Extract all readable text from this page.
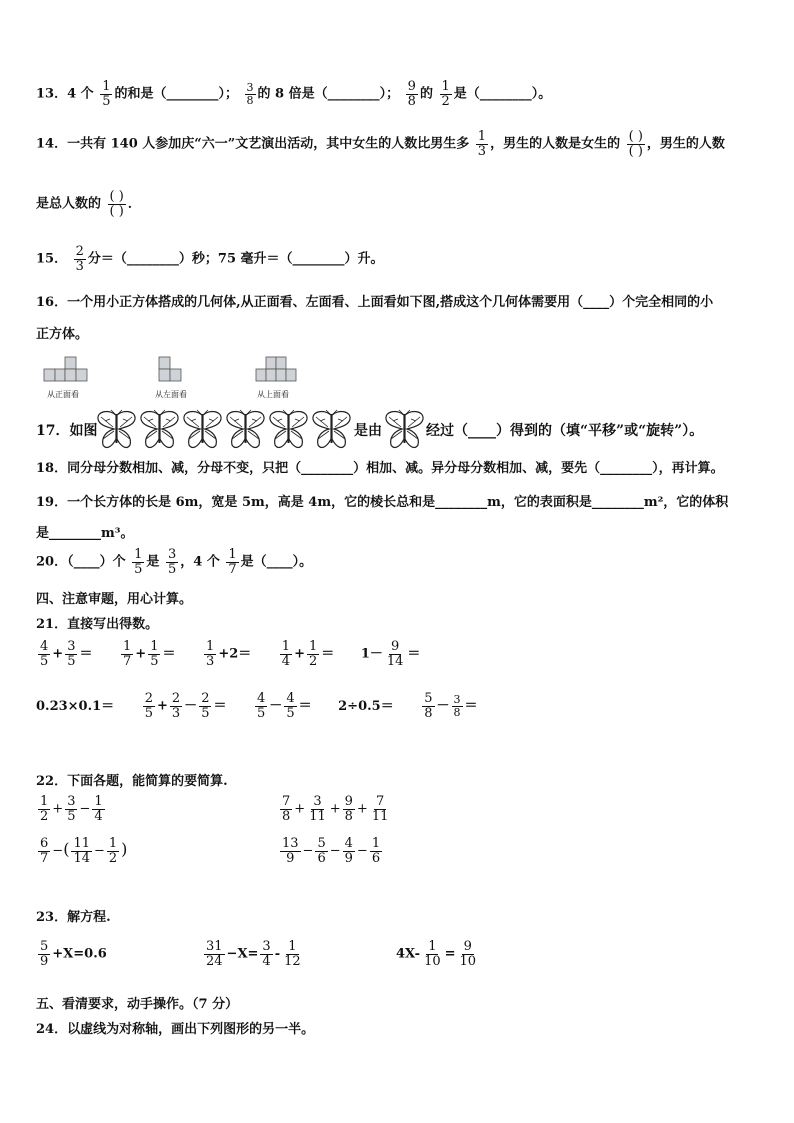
13．4 个 $\frac{1}{5}$ 的和是（________）； $\frac{3}{8}$ 的 8 倍是（________）； $\frac{9}{8}$ 的 $\frac{1}{2}$ 是（________）。
14．一共有 140 人参加庆“六一”文艺演出活动，其中女生的人数比男生多 $\frac{1}{3}$ ，男生的人数是女生的 $\frac{( )}{( )}$ ，男生的人数
是总人数的 $\frac{( )}{( )}$ ．
15． $\frac{2}{3}$ 分＝（________）秒；75 毫升＝（________）升。
16．一个用小正方体搭成的几何体,从正面看、左面看、上面看如下图,搭成这个几何体需要用（____）个完全相同的小
正方体。
从正面看	从左面看	从上面看
17．如图	是由	经过（____）得到的（填“平移”或“旋转”）。
18．同分母分数相加、减，分母不变，只把（________）相加、减。异分母分数相加、减，要先（________），再计算。
19．一个长方体的长是 6m，宽是 5m，高是 4m，它的棱长总和是________m，它的表面积是________m²，它的体积
是________m³。
20．（____）个 $\frac{1}{5}$ 是 $\frac{3}{5}$ ，4 个 $\frac{1}{7}$ 是（____）。
四、注意审题，用心计算。
21．直接写出得数。
$\frac{4}{5} + \frac{3}{5} = \frac{1}{7} + \frac{1}{5} = \frac{1}{3} +2= \frac{1}{4} + \frac{1}{2} = 1- \frac{9}{14}$ ＝
$0.23\times 0.1= \frac{2}{5} + \frac{2}{3} - \frac{2}{5} = \frac{4}{5} - \frac{4}{5} = 2\div 0.5= \frac{5}{8} - \frac{3}{8}$ ＝
22．下面各题，能简算的要简算.
$\frac{1}{2} + \frac{3}{5} - \frac{1}{4}$	$\frac{7}{8} + \frac{3}{11} + \frac{9}{8} + \frac{7}{11}$
$\frac{6}{7}$ −( $\frac{11}{14} - \frac{1}{2}$ )	$\frac{13}{9} - \frac{5}{6} - \frac{4}{9} - \frac{1}{6}$
23．解方程.
$\frac{5}{9} +X=0.6$	$\frac{31}{24} -X= \frac{3}{4} - \frac{1}{12}$	$4X- \frac{1}{10} = \frac{9}{10}$
五、看清要求，动手操作。（7 分）
24．以虚线为对称轴，画出下列图形的另一半。
